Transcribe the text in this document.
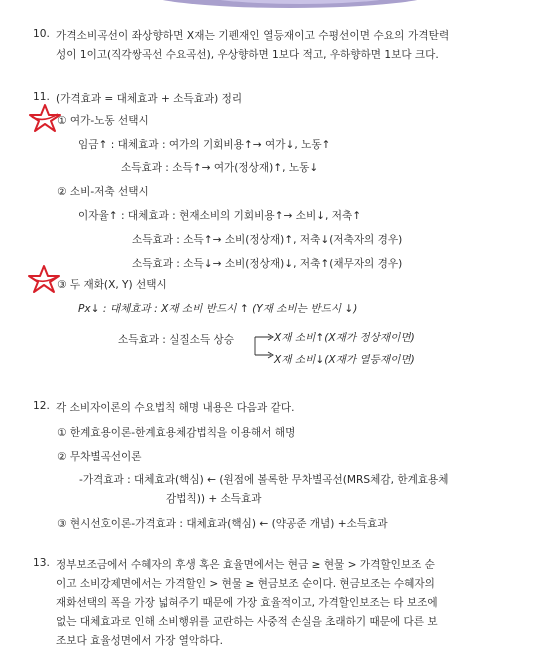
10. 가격소비곡선이 좌상향하면 X재는 기펜재인 열등재이고 수평선이면 수요의 가격탄력
성이 1이고(직각쌍곡선 수요곡선), 우상향하면 1보다 적고, 우하향하면 1보다 크다.
11. (가격효과 = 대체효과 + 소득효과) 정리
① 여가-노동 선택시
임금↑ : 대체효과 : 여가의 기회비용↑→ 여가↓, 노동↑
소득효과 : 소득↑→ 여가(정상재)↑, 노동↓
② 소비-저축 선택시
이자율↑ : 대체효과 : 현재소비의 기회비용↑→ 소비↓, 저축↑
소득효과 : 소득↑→ 소비(정상재)↑, 저축↓(저축자의 경우)
소득효과 : 소득↓→ 소비(정상재)↓, 저축↑(채무자의 경우)
③ 두 재화(X, Y) 선택시
Px↓ : 대체효과 : X재 소비 반드시 ↑ (Y재 소비는 반드시 ↓)
소득효과 : 실질소득 상승	X재 소비↑(X재가 정상재이면)
X재 소비↓(X재가 열등재이면)
12. 각 소비자이론의 수요법칙 해명 내용은 다음과 같다.
① 한계효용이론-한계효용체감법칙을 이용해서 해명
② 무차별곡선이론
-가격효과 : 대체효과(핵심) ← (원점에 볼록한 무차별곡선(MRS체감, 한계효용체
감법칙)) + 소득효과
③ 현시선호이론-가격효과 : 대체효과(핵심) ← (약공준 개념) +소득효과
13. 정부보조금에서 수혜자의 후생 혹은 효율면에서는 현금 ≥ 현물 > 가격할인보조 순
이고 소비강제면에서는 가격할인 > 현물 ≥ 현금보조 순이다. 현금보조는 수혜자의
재화선택의 폭을 가장 넓혀주기 때문에 가장 효율적이고, 가격할인보조는 타 보조에
없는 대체효과로 인해 소비행위를 교란하는 사중적 손실을 초래하기 때문에 다른 보
조보다 효율성면에서 가장 열악하다.
